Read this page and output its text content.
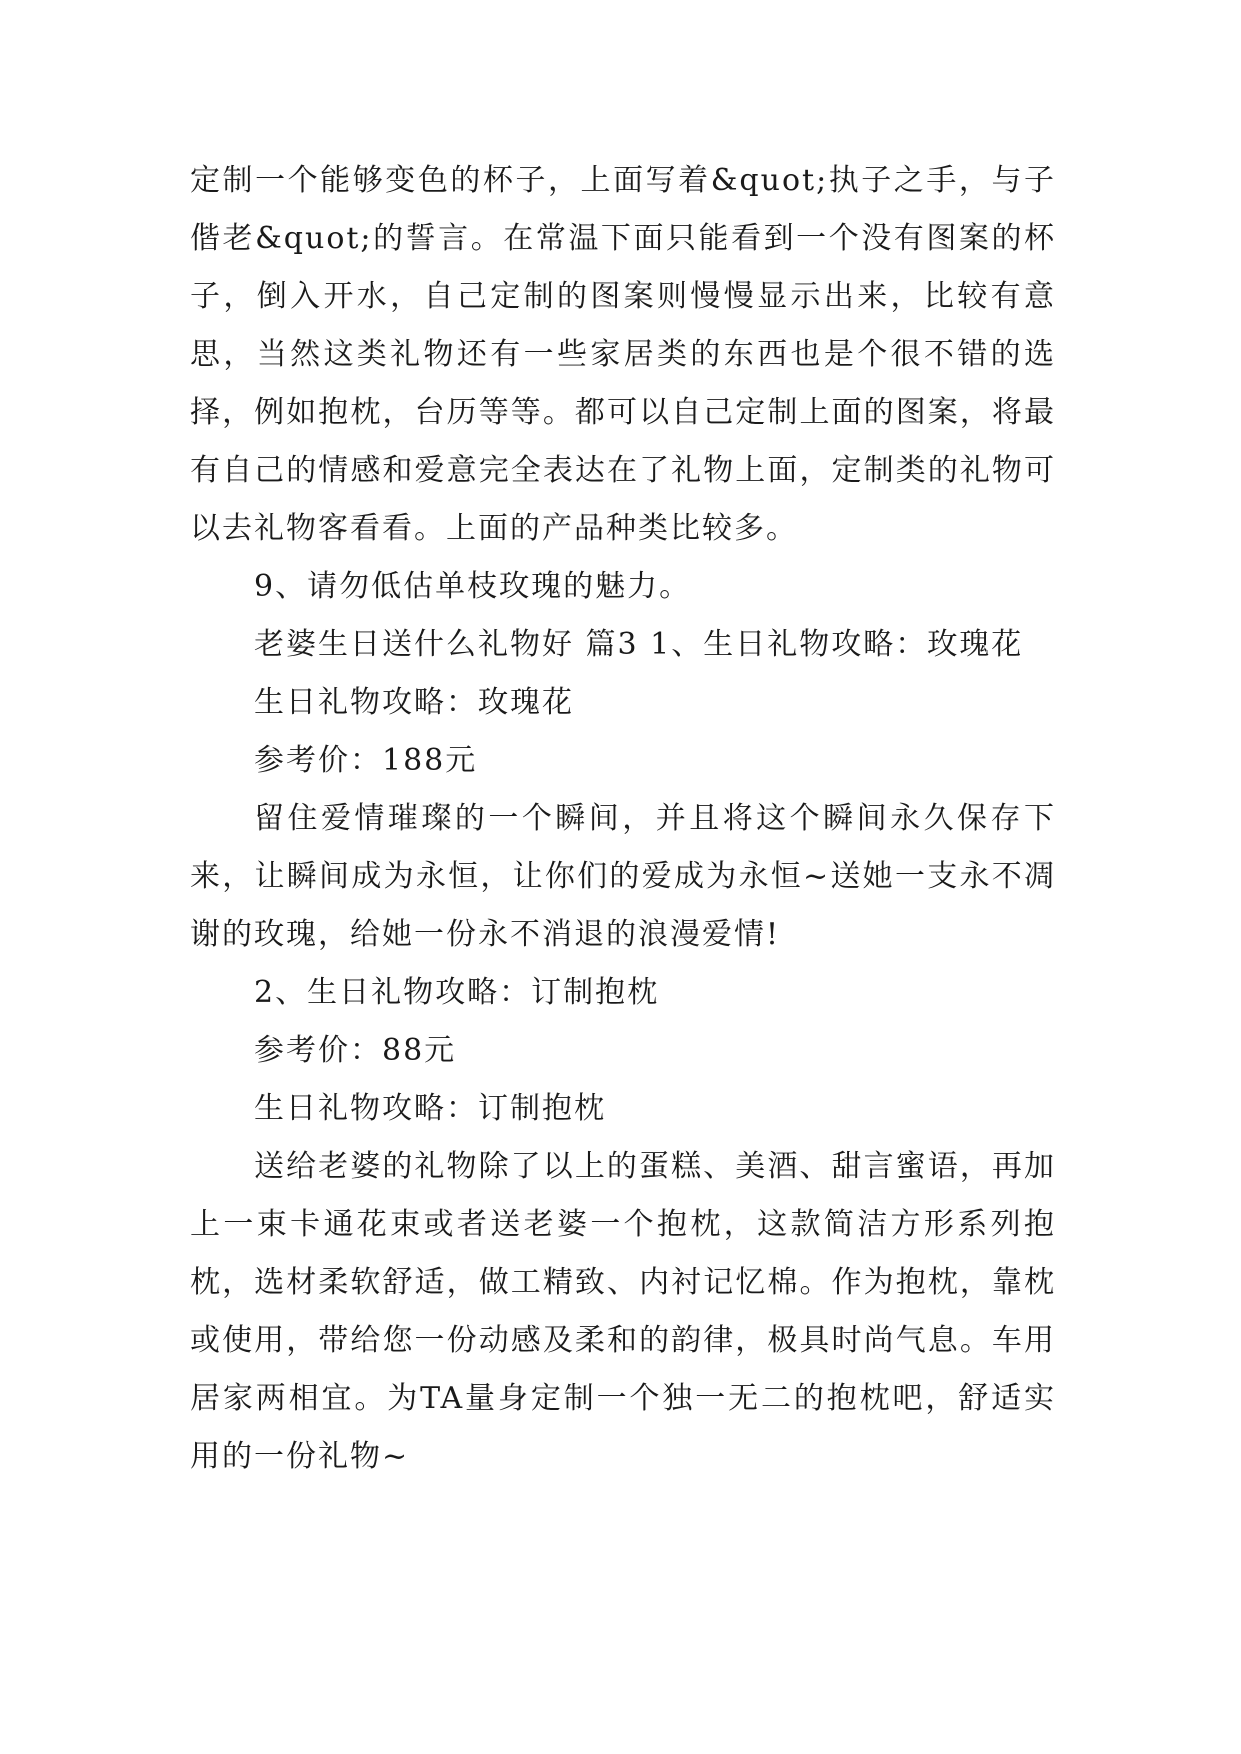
定制一个能够变色的杯子，上面写着&quot;执子之手，与子偕老&quot;的誓言。在常温下面只能看到一个没有图案的杯子，倒入开水，自己定制的图案则慢慢显示出来，比较有意思，当然这类礼物还有一些家居类的东西也是个很不错的选择，例如抱枕，台历等等。都可以自己定制上面的图案，将最有自己的情感和爱意完全表达在了礼物上面，定制类的礼物可以去礼物客看看。上面的产品种类比较多。

9、请勿低估单枝玫瑰的魅力。

老婆生日送什么礼物好 篇3 1、生日礼物攻略：玫瑰花

生日礼物攻略：玫瑰花

参考价：188元

留住爱情璀璨的一个瞬间，并且将这个瞬间永久保存下来，让瞬间成为永恒，让你们的爱成为永恒~送她一支永不凋谢的玫瑰，给她一份永不消退的浪漫爱情!

2、生日礼物攻略：订制抱枕

参考价：88元

生日礼物攻略：订制抱枕

送给老婆的礼物除了以上的蛋糕、美酒、甜言蜜语，再加上一束卡通花束或者送老婆一个抱枕，这款简洁方形系列抱枕，选材柔软舒适，做工精致、内衬记忆棉。作为抱枕，靠枕或使用，带给您一份动感及柔和的韵律，极具时尚气息。车用居家两相宜。为TA量身定制一个独一无二的抱枕吧，舒适实用的一份礼物~
